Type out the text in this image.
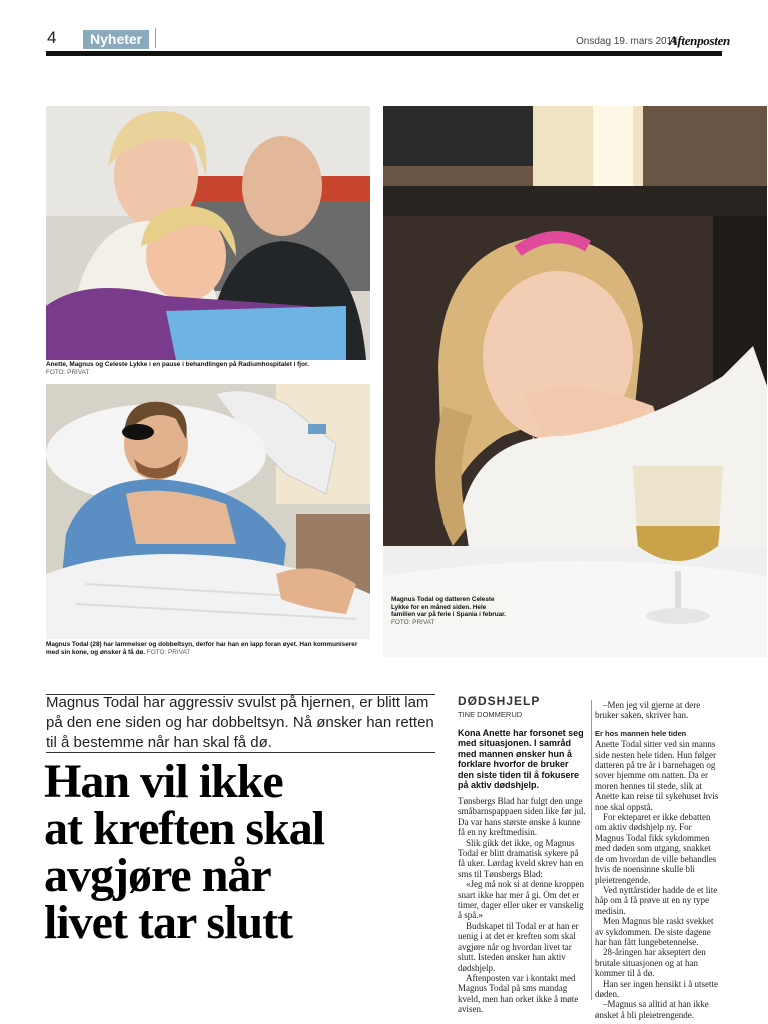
4	Nyheter	Onsdag 19. mars 2014
Aftenposten
Anette, Magnus og Celeste Lykke i en pause i behandlingen på Radiumhospitalet i fjor.
FOTO: PRIVAT
Magnus Todal (28) har lammelser og dobbeltsyn, derfor har han en lapp foran øyet. Han kommuniserer med sin kone, og ønsker å få dø. FOTO: PRIVAT
Magnus Todal og datteren Celeste Lykke for en måned siden. Hele familien var på ferie i Spania i februar.
FOTO: PRIVAT
Magnus Todal har aggressiv svulst på hjernen, er blitt lam på den ene siden og har dobbeltsyn. Nå ønsker han retten til å bestemme når han skal få dø.
Han vil ikke
at kreften skal
avgjøre når
livet tar slutt
DØDSHJELP
TINE DOMMERUD
Kona Anette har forsonet seg med situasjonen. I samråd med mannen ønsker hun å forklare hvorfor de bruker den siste tiden til å fokusere på aktiv dødshjelp.

Tønsbergs Blad har fulgt den unge småbarnspappaen siden like før jul. Da var hans største ønske å kunne få en ny kreftmedisin.

Slik gikk det ikke, og Magnus Todal er blitt dramatisk sykere på få uker. Lørdag kveld skrev han en sms til Tønsbergs Blad:

«Jeg må nok si at denne kroppen snart ikke har mer å gi. Om det er timer, dager eller uker er vanskelig å spå.»

Budskapet til Todal er at han er uenig i at det er kreften som skal avgjøre når og hvordan livet tar slutt. Isteden ønsker han aktiv dødshjelp.

Aftenposten var i kontakt med Magnus Todal på sms mandag kveld, men han orket ikke å møte avisen.

–Men jeg vil gjerne at dere bruker saken, skriver han.

Er hos mannen hele tiden

Anette Todal sitter ved sin manns side nesten hele tiden. Hun følger datteren på tre år i barnehagen og sover hjemme om natten. Da er moren hennes til stede, slik at Anette kan reise til sykehuset hvis noe skal oppstå.

For ekteparet er ikke debatten om aktiv dødshjelp ny. For Magnus Todal fikk sykdommen med døden som utgang, snakket de om hvordan de ville behandles hvis de noensinne skulle bli pleietrengende.

Ved nyttårstider hadde de et lite håp om å få prøve ut en ny type medisin.

Men Magnus ble raskt svekket av sykdommen. De siste dagene har han fått lungebetennelse.

28-åringen har akseptert den brutale situasjonen og at han kommer til å dø.

Han ser ingen hensikt i å utsette døden.

–Magnus sa alltid at han ikke ønsket å bli pleietrengende.
